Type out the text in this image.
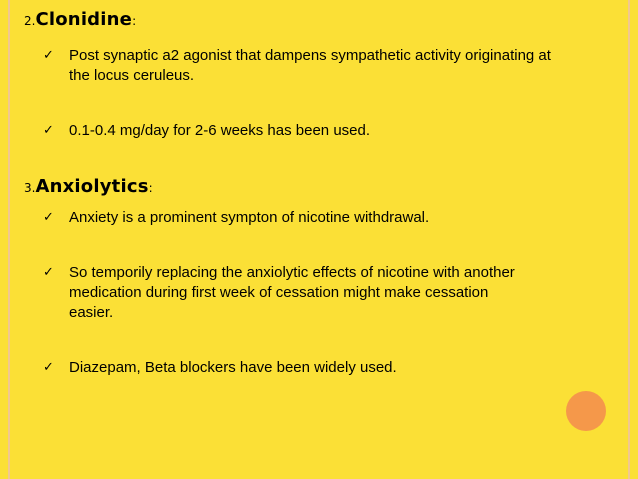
2.Clonidine:
✓	Post synaptic a2 agonist that dampens sympathetic activity originating at the locus ceruleus.
✓	0.1-0.4 mg/day for 2-6 weeks has been used.
3.Anxiolytics:
✓	Anxiety is a prominent sympton of nicotine withdrawal.
✓	So temporily replacing the anxiolytic effects of nicotine with another medication during first week of cessation might make cessation easier.
✓	Diazepam, Beta blockers have been widely used.
